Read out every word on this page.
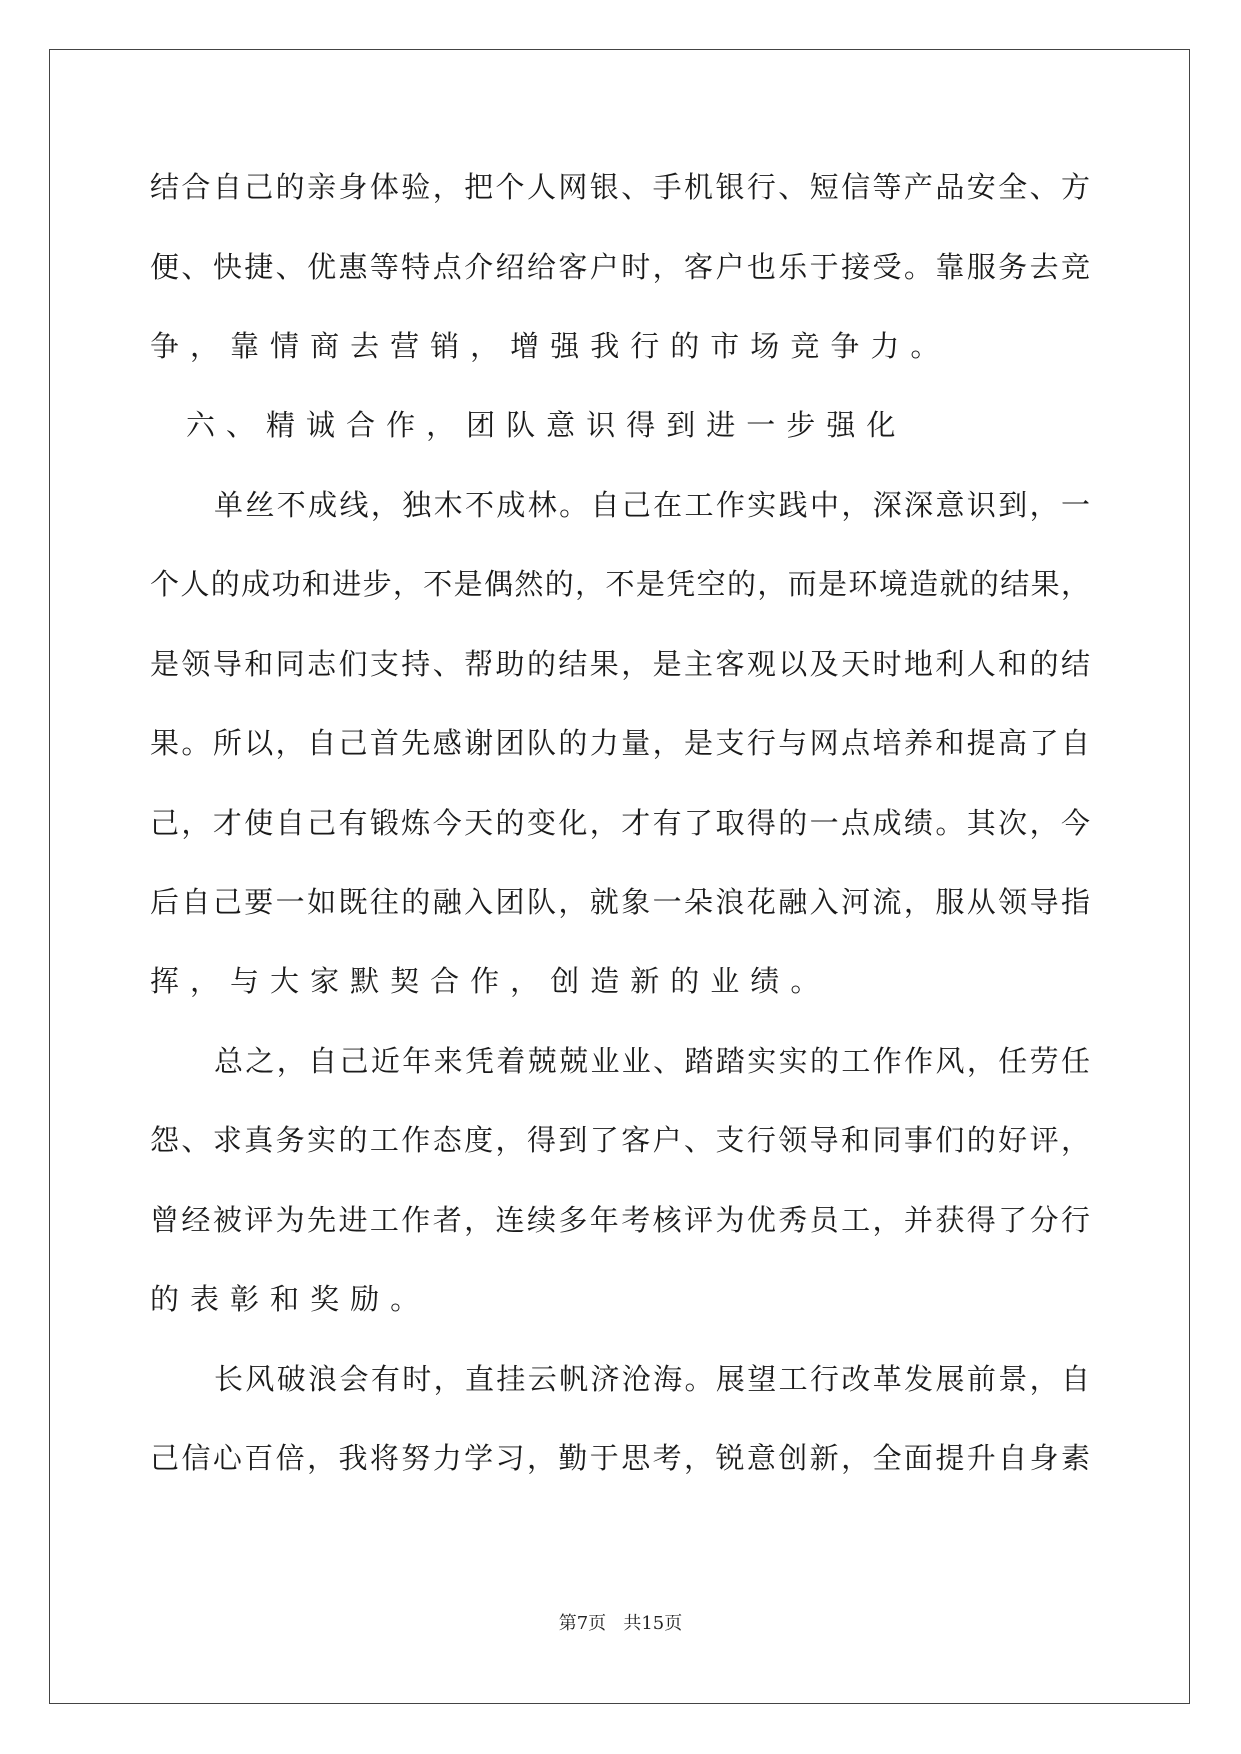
结合自己的亲身体验，把个人网银、手机银行、短信等产品安全、方
便、快捷、优惠等特点介绍给客户时，客户也乐于接受。靠服务去竞
争，靠情商去营销，增强我行的市场竞争力。
六、精诚合作，团队意识得到进一步强化
单丝不成线，独木不成林。自己在工作实践中，深深意识到，一
个人的成功和进步，不是偶然的，不是凭空的，而是环境造就的结果，
是领导和同志们支持、帮助的结果，是主客观以及天时地利人和的结
果。所以，自己首先感谢团队的力量，是支行与网点培养和提高了自
己，才使自己有锻炼今天的变化，才有了取得的一点成绩。其次，今
后自己要一如既往的融入团队，就象一朵浪花融入河流，服从领导指
挥，与大家默契合作，创造新的业绩。
总之，自己近年来凭着兢兢业业、踏踏实实的工作作风，任劳任
怨、求真务实的工作态度，得到了客户、支行领导和同事们的好评，
曾经被评为先进工作者，连续多年考核评为优秀员工，并获得了分行
的表彰和奖励。
长风破浪会有时，直挂云帆济沧海。展望工行改革发展前景，自
己信心百倍，我将努力学习，勤于思考，锐意创新，全面提升自身素
第7页   共15页
